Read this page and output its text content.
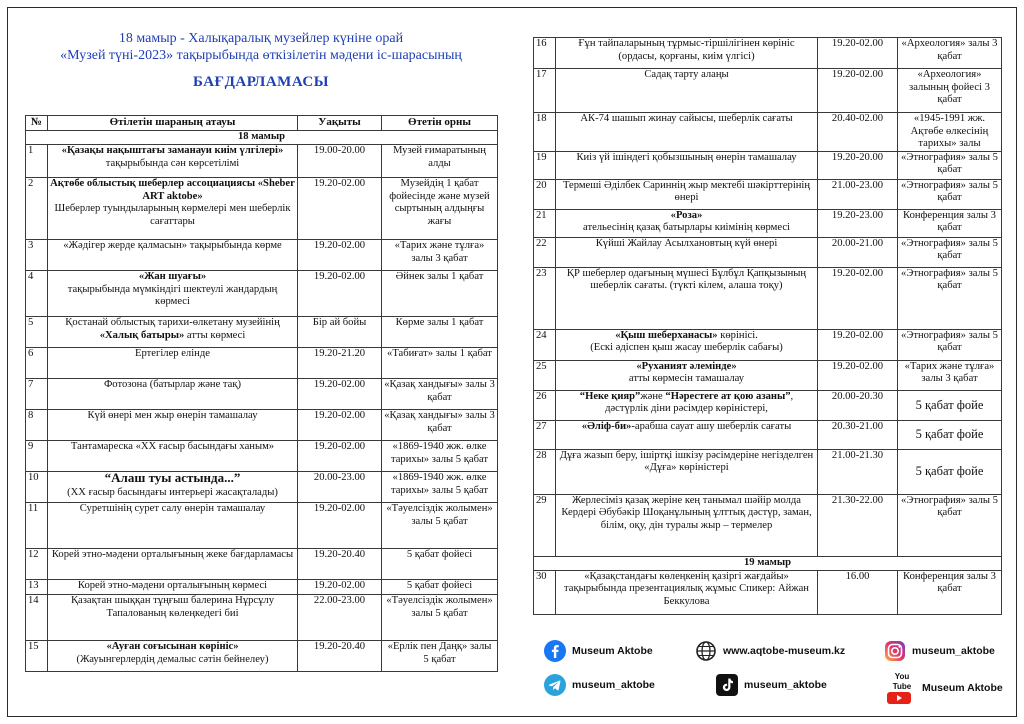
18 мамыр - Халықаралық музейлер күніне орай
«Музей түні-2023» тақырыбында өткізілетін мәдени іс-шарасының
БАҒДАРЛАМАСЫ
№	Өтілетін шараның атауы	Уақыты	Өтетін орны
18 мамыр			
1	«Қазақы нақыштағы заманауи киім үлгілері»
тақырыбында сән көрсетілімі	19.00-20.00	Музей ғимаратының алды
2	Ақтөбе облыстық шеберлер ассоциациясы «Sheber ART aktobe»
Шеберлер туындыларының көрмелері мен шеберлік сағаттары	19.20-02.00	Музейдің 1 қабат фойесінде және музей сыртының алдыңғы жағы
3	«Жәдігер жерде қалмасын» тақырыбында көрме	19.20-02.00	«Тарих және тұлға» залы 3 қабат
4	«Жан шуағы»
тақырыбында мүмкіндігі шектеулі жандардың көрмесі	19.20-02.00	Әйнек залы 1 қабат
5	Қостанай облыстық тарихи-өлкетану музейінің
«Халық батыры» атты көрмесі	Бір ай бойы	Көрме залы 1 қабат
6	Ертегілер елінде	19.20-21.20	«Табиғат» залы 1 қабат
7	Фотозона (батырлар және тақ)	19.20-02.00	«Қазақ хандығы» залы 3 қабат
8	Күй өнері мен жыр өнерін тамашалау	19.20-02.00	«Қазақ хандығы» залы 3 қабат
9	Тантамареска «ХХ ғасыр басындағы ханым»	19.20-02.00	«1869-1940 жж. өлке тарихы» залы 5 қабат
10	“Алаш туы астында...”
(ХХ ғасыр басындағы интерьері жасақталады)	20.00-23.00	«1869-1940 жж. өлке тарихы» залы 5 қабат
11	Суретшінің сурет салу өнерін тамашалау	19.20-02.00	«Тәуелсіздік жолымен» залы 5 қабат
12	Корей этно-мәдени орталығының жеке бағдарламасы	19.20-20.40	5 қабат фойесі
13	Корей этно-мәдени орталығының көрмесі	19.20-02.00	5 қабат фойесі
14	Қазақтан шыққан тұңғыш балерина Нұрсұлу Тапалованың көлеңкедегі биі	22.00-23.00	«Тәуелсіздік жолымен» залы 5 қабат
15	«Ауған соғысынан көрініс»
(Жауынгерлердің демалыс сәтін бейнелеу)	19.20-20.40	«Ерлік пен Даңқ» залы 5 қабат
16	Ғұн тайпаларының тұрмыс-тіршілігінен көрініс (ордасы, қорғаны, киім үлгісі)	19.20-02.00	«Археология» залы 3 қабат
17	Садақ тарту алаңы	19.20-02.00	«Археология» залының фойесі 3 қабат
18	АК-74 шашып жинау сайысы, шеберлік сағаты	20.40-02.00	«1945-1991 жж. Ақтөбе өлкесінің тарихы» залы
19	Киіз үй ішіндегі қобызшының өнерін тамашалау	19.20-20.00	«Этнография» залы 5 қабат
20	Термеші Әділбек Сариннің жыр мектебі шәкірттерінің өнері	21.00-23.00	«Этнография» залы 5 қабат
21	«Роза»
ательесінің қазақ батырлары киімінің көрмесі	19.20-23.00	Конференция залы 3 қабат
22	Күйші Жайлау Асылхановтың күй өнері	20.00-21.00	«Этнография» залы 5 қабат
23	ҚР шеберлер одағының мүшесі Бұлбұл Қапқызының шеберлік сағаты. (түкті кілем, алаша тоқу)	19.20-02.00	«Этнография» залы 5 қабат
24	«Қыш шеберханасы» көрінісі.
(Ескі әдіспен қыш жасау шеберлік сабағы)	19.20-02.00	«Этнография» залы 5 қабат
25	«Руханият әлемінде»
атты көрмесін тамашалау	19.20-02.00	«Тарих және тұлға» залы 3 қабат
26	“Неке қияр”және “Нәрестеге ат қою азаны”, дәстүрлік діни рәсімдер көріністері,	20.00-20.30	5 қабат фойе
27	«Әліф-би»-арабша сауат ашу шеберлік сағаты	20.30-21.00	5 қабат фойе
28	Дұға жазып беру, ішіртқі ішкізу рәсімдеріне негізделген «Дұға» көріністері	21.00-21.30	5 қабат фойе
29	Жерлесіміз қазақ жеріне кең танымал шәйір молда Кердері Әбубәкір Шоқанұлының ұлттық дәстүр, заман, білім, оқу, дін туралы жыр – термелер	21.30-22.00	«Этнография» залы 5 қабат
19 мамыр			
30	«Қазақстандағы көлеңкенің қазіргі жағдайы» тақырыбында презентациялық жұмыс Спикер: Айжан Беккулова	16.00	Конференция залы 3 қабат
Museum Aktobe	www.aqtobe-museum.kz	museum_aktobe
museum_aktobe	museum_aktobe
You Tube Museum Aktobe
